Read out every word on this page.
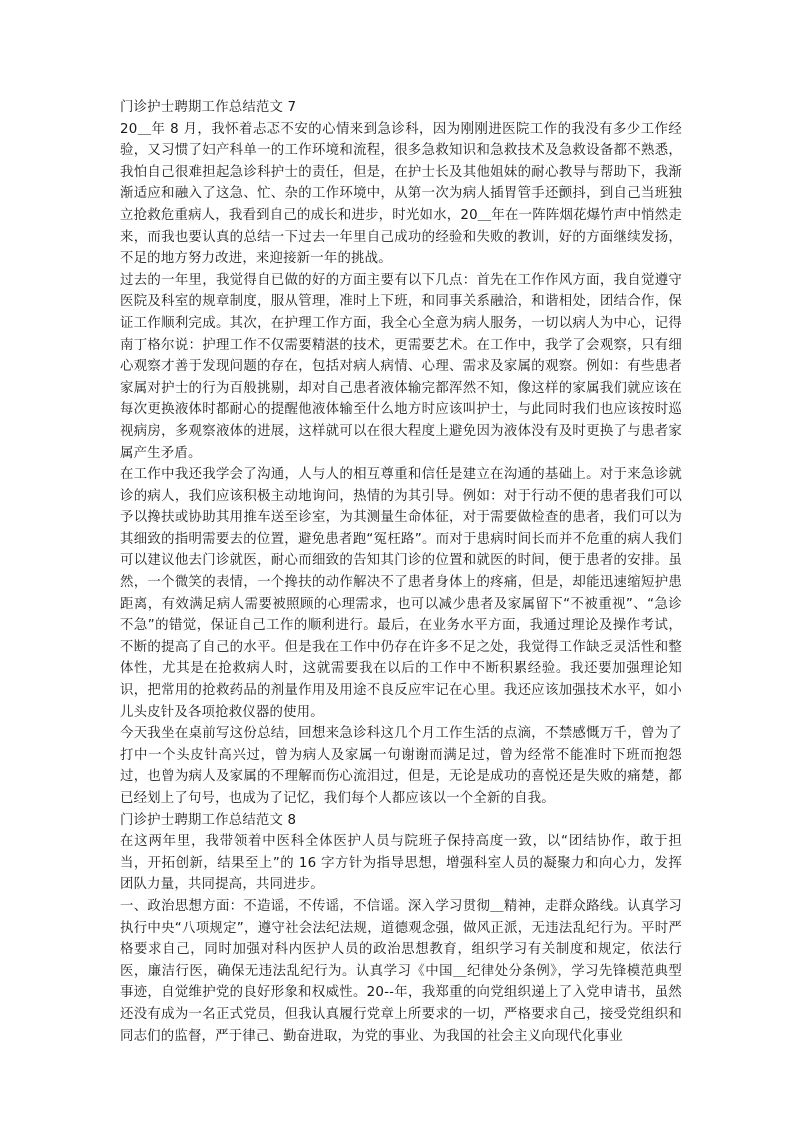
门诊护士聘期工作总结范文 7

20＿年 8 月，我怀着忐忑不安的心情来到急诊科，因为刚刚进医院工作的我没有多少工作经验，又习惯了妇产科单一的工作环境和流程，很多急救知识和急救技术及急救设备都不熟悉，我怕自己很难担起急诊科护士的责任，但是，在护士长及其他姐妹的耐心教导与帮助下，我渐渐适应和融入了这急、忙、杂的工作环境中，从第一次为病人插胃管手还颤抖，到自己当班独立抢救危重病人，我看到自己的成长和进步，时光如水，20＿年在一阵阵烟花爆竹声中悄然走来，而我也要认真的总结一下过去一年里自己成功的经验和失败的教训，好的方面继续发扬，不足的地方努力改进，来迎接新一年的挑战。

过去的一年里，我觉得自已做的好的方面主要有以下几点：首先在工作作风方面，我自觉遵守医院及科室的规章制度，服从管理，准时上下班，和同事关系融洽，和谐相处，团结合作，保证工作顺利完成。其次，在护理工作方面，我全心全意为病人服务，一切以病人为中心，记得南丁格尔说：护理工作不仅需要精湛的技术，更需要艺术。在工作中，我学了会观察，只有细心观察才善于发现问题的存在，包括对病人病情、心理、需求及家属的观察。例如：有些患者家属对护士的行为百般挑剔，却对自己患者液体输完都浑然不知，像这样的家属我们就应该在每次更换液体时都耐心的提醒他液体输至什么地方时应该叫护士，与此同时我们也应该按时巡视病房，多观察液体的进展，这样就可以在很大程度上避免因为液体没有及时更换了与患者家属产生矛盾。

在工作中我还我学会了沟通，人与人的相互尊重和信任是建立在沟通的基础上。对于来急诊就诊的病人，我们应该积极主动地询问，热情的为其引导。例如：对于行动不便的患者我们可以予以搀扶或协助其用推车送至诊室，为其测量生命体征，对于需要做检查的患者，我们可以为其细致的指明需要去的位置，避免患者跑“冤枉路”。而对于患病时间长而并不危重的病人我们可以建议他去门诊就医，耐心而细致的告知其门诊的位置和就医的时间，便于患者的安排。虽然，一个微笑的表情，一个搀扶的动作解决不了患者身体上的疼痛，但是，却能迅速缩短护患距离，有效满足病人需要被照顾的心理需求，也可以减少患者及家属留下“不被重视”、“急诊不急”的错觉，保证自己工作的顺利进行。最后，在业务水平方面，我通过理论及操作考试，不断的提高了自己的水平。但是我在工作中仍存在许多不足之处，我觉得工作缺乏灵活性和整体性，尤其是在抢救病人时，这就需要我在以后的工作中不断积累经验。我还要加强理论知识，把常用的抢救药品的剂量作用及用途不良反应牢记在心里。我还应该加强技术水平，如小儿头皮针及各项抢救仪器的使用。

今天我坐在桌前写这份总结，回想来急诊科这几个月工作生活的点滴，不禁感慨万千，曾为了打中一个头皮针高兴过，曾为病人及家属一句谢谢而满足过，曾为经常不能准时下班而抱怨过，也曾为病人及家属的不理解而伤心流泪过，但是，无论是成功的喜悦还是失败的痛楚，都已经划上了句号，也成为了记忆，我们每个人都应该以一个全新的自我。

门诊护士聘期工作总结范文 8

在这两年里，我带领着中医科全体医护人员与院班子保持高度一致，以“团结协作，敢于担当，开拓创新，结果至上”的 16 字方针为指导思想，增强科室人员的凝聚力和向心力，发挥团队力量，共同提高，共同进步。

一、政治思想方面：不造谣，不传谣，不信谣。深入学习贯彻＿精神，走群众路线。认真学习执行中央“八项规定”，遵守社会法纪法规，道德观念强，做风正派，无违法乱纪行为。平时严格要求自己，同时加强对科内医护人员的政治思想教育，组织学习有关制度和规定，依法行医，廉洁行医，确保无违法乱纪行为。认真学习《中国＿纪律处分条例》，学习先锋模范典型事迹，自觉维护党的良好形象和权威性。20--年，我郑重的向党组织递上了入党申请书，虽然还没有成为一名正式党员，但我认真履行党章上所要求的一切，严格要求自己，接受党组织和同志们的监督，严于律己、勤奋进取，为党的事业、为我国的社会主义向现代化事业
